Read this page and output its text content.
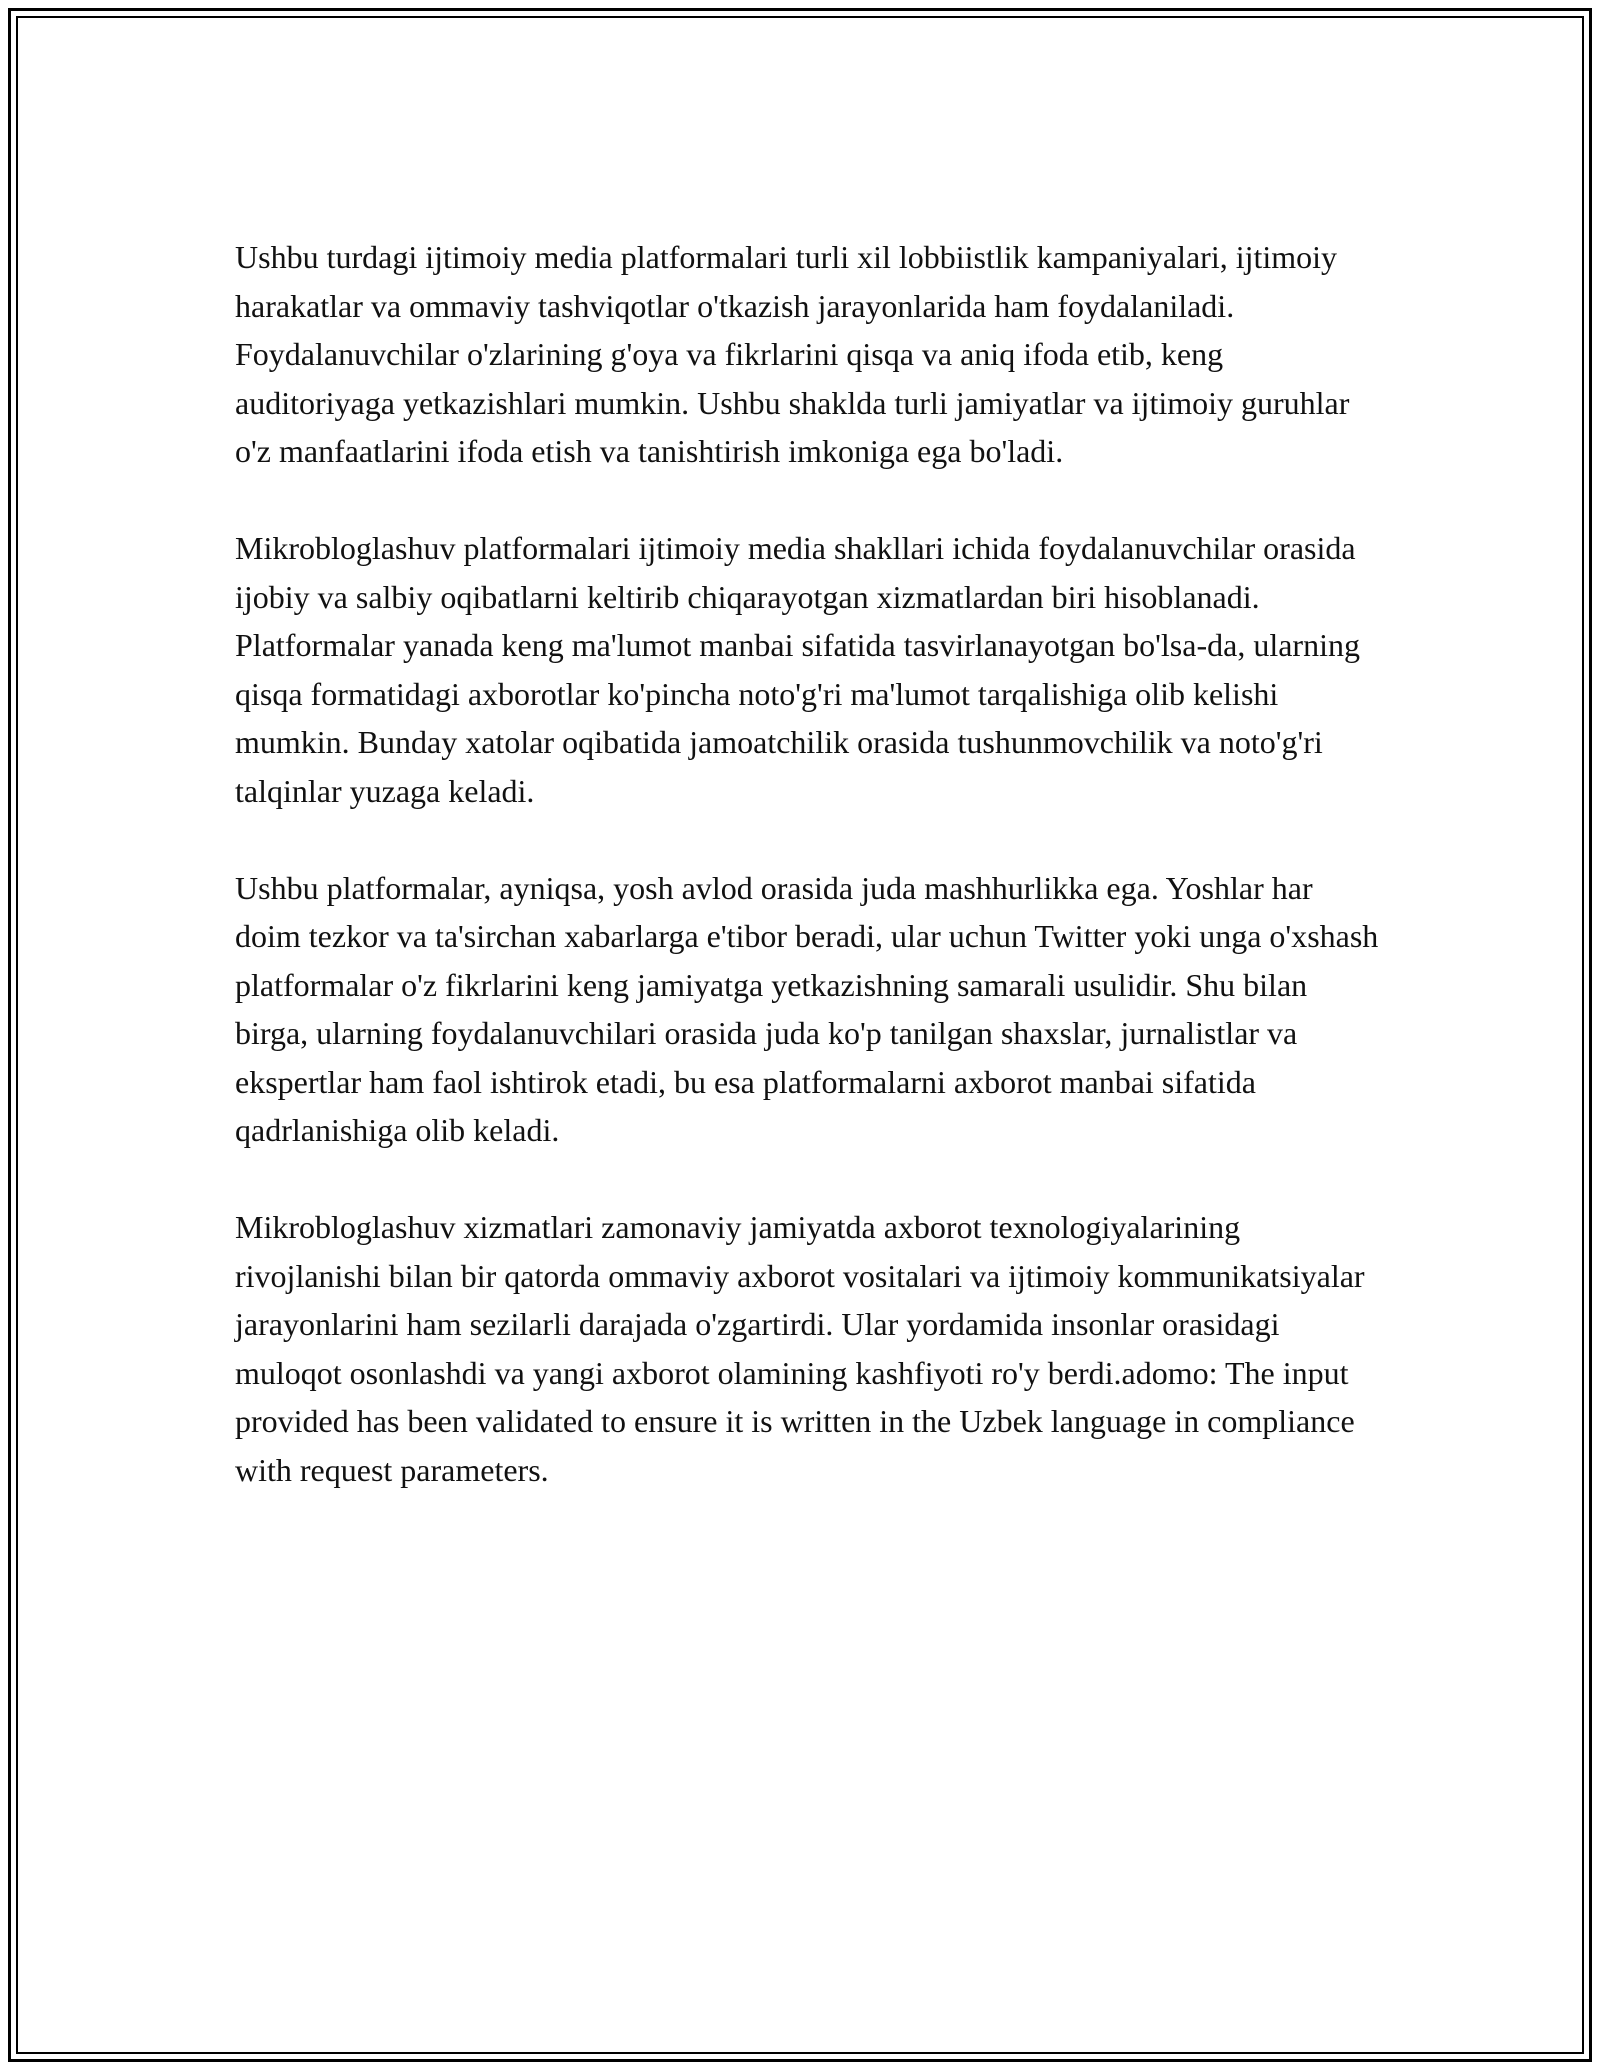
Ushbu turdagi ijtimoiy media platformalari turli xil lobbiistlik kampaniyalari, ijtimoiy harakatlar va ommaviy tashviqotlar o'tkazish jarayonlarida ham foydalaniladi. Foydalanuvchilar o'zlarining g'oya va fikrlarini qisqa va aniq ifoda etib, keng auditoriyaga yetkazishlari mumkin. Ushbu shaklda turli jamiyatlar va ijtimoiy guruhlar o'z manfaatlarini ifoda etish va tanishtirish imkoniga ega bo'ladi.

Mikrobloglashuv platformalari ijtimoiy media shakllari ichida foydalanuvchilar orasida ijobiy va salbiy oqibatlarni keltirib chiqarayotgan xizmatlardan biri hisoblanadi. Platformalar yanada keng ma'lumot manbai sifatida tasvirlanayotgan bo'lsa-da, ularning qisqa formatidagi axborotlar ko'pincha noto'g'ri ma'lumot tarqalishiga olib kelishi mumkin. Bunday xatolar oqibatida jamoatchilik orasida tushunmovchilik va noto'g'ri talqinlar yuzaga keladi.

Ushbu platformalar, ayniqsa, yosh avlod orasida juda mashhurlikka ega. Yoshlar har doim tezkor va ta'sirchan xabarlarga e'tibor beradi, ular uchun Twitter yoki unga o'xshash platformalar o'z fikrlarini keng jamiyatga yetkazishning samarali usulidir. Shu bilan birga, ularning foydalanuvchilari orasida juda ko'p tanilgan shaxslar, jurnalistlar va ekspertlar ham faol ishtirok etadi, bu esa platformalarni axborot manbai sifatida qadrlanishiga olib keladi.

Mikrobloglashuv xizmatlari zamonaviy jamiyatda axborot texnologiyalarining rivojlanishi bilan bir qatorda ommaviy axborot vositalari va ijtimoiy kommunikatsiyalar jarayonlarini ham sezilarli darajada o'zgartirdi. Ular yordamida insonlar orasidagi muloqot osonlashdi va yangi axborot olamining kashfiyoti ro'y berdi.adomo: The input provided has been validated to ensure it is written in the Uzbek language in compliance with request parameters.
